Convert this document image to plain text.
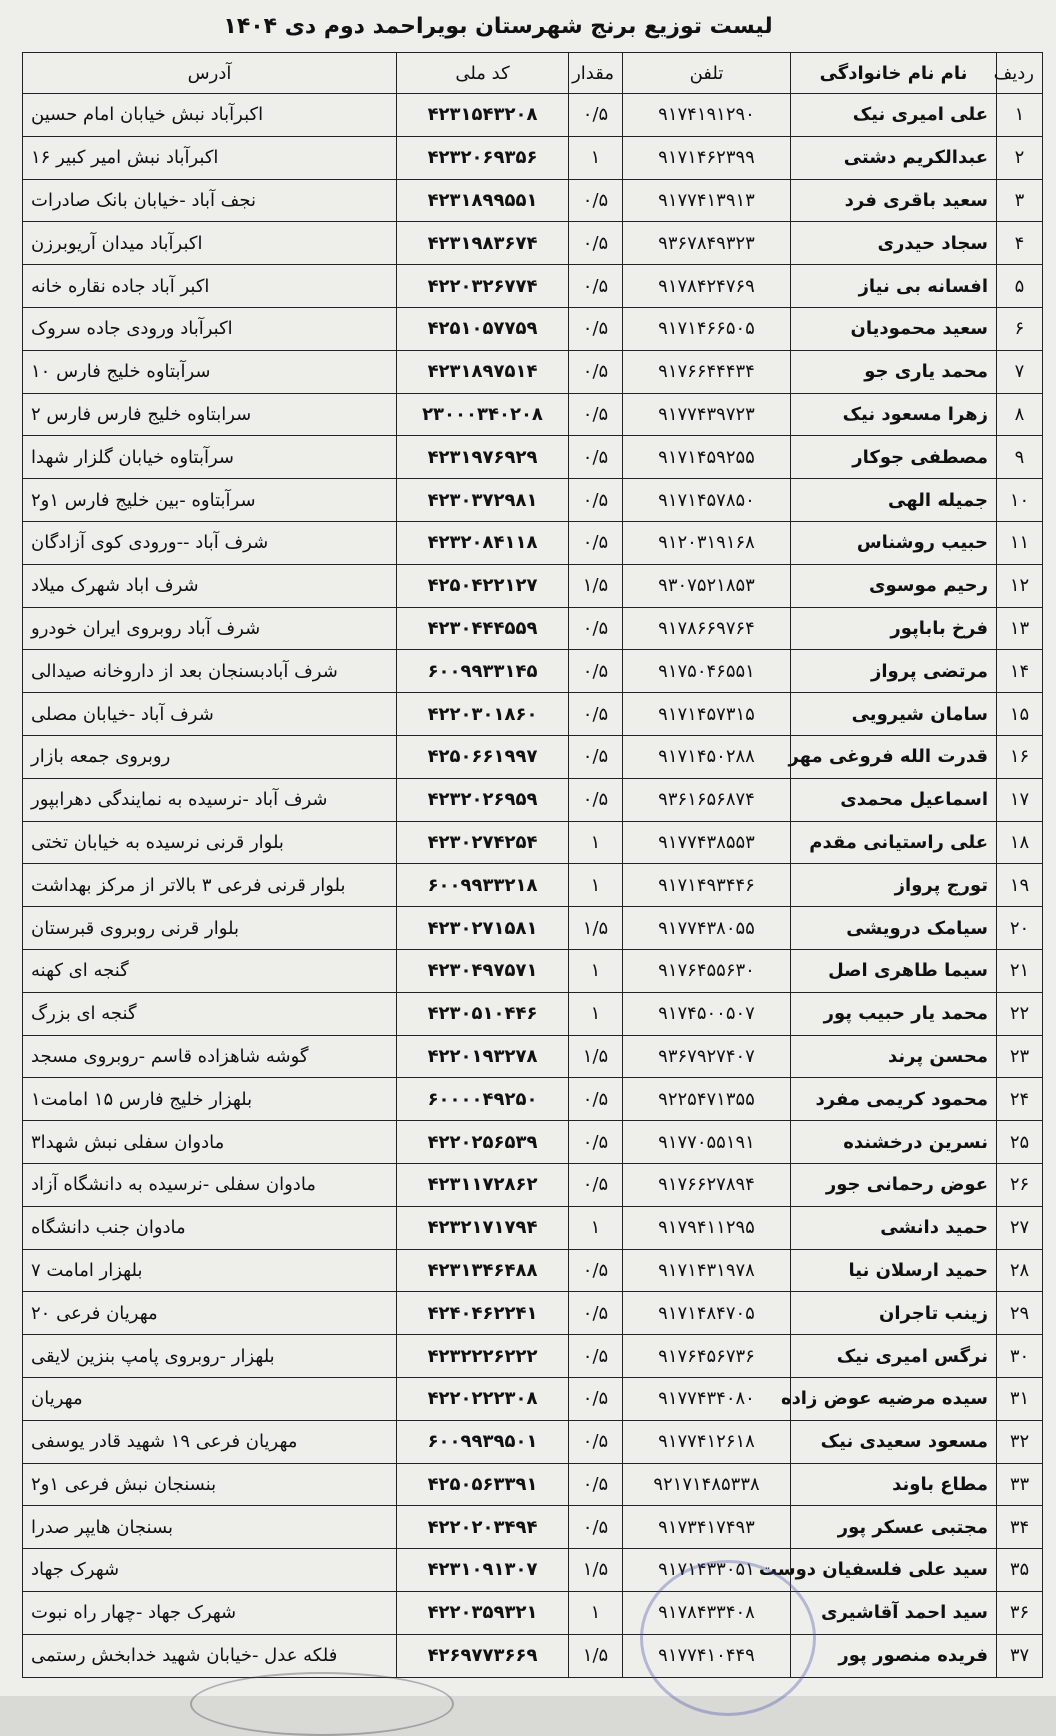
لیست توزیع برنج شهرستان بویراحمد دوم دی ۱۴۰۴
ردیف	نام نام خانوادگی	تلفن	مقدار	کد ملی	آدرس
۱	علی امیری نیک	۹۱۷۴۱۹۱۲۹۰	۰/۵	۴۲۳۱۵۴۳۲۰۸	اکبرآباد نبش خیابان امام حسین
۲	عبدالکریم دشتی	۹۱۷۱۴۶۲۳۹۹	۱	۴۲۳۲۰۶۹۳۵۶	اکبرآباد نبش امیر کبیر ۱۶
۳	سعید باقری فرد	۹۱۷۷۴۱۳۹۱۳	۰/۵	۴۲۳۱۸۹۹۵۵۱	نجف آباد -خیابان بانک صادرات
۴	سجاد حیدری	۹۳۶۷۸۴۹۳۲۳	۰/۵	۴۲۳۱۹۸۳۶۷۴	اکبرآباد میدان آریوبرزن
۵	افسانه بی نیاز	۹۱۷۸۴۲۴۷۶۹	۰/۵	۴۲۲۰۳۲۶۷۷۴	اکبر آباد جاده نقاره خانه
۶	سعید محمودیان	۹۱۷۱۴۶۶۵۰۵	۰/۵	۴۲۵۱۰۵۷۷۵۹	اکبرآباد ورودی جاده سروک
۷	محمد یاری جو	۹۱۷۶۶۴۴۴۳۴	۰/۵	۴۲۳۱۸۹۷۵۱۴	سرآبتاوه خلیج فارس ۱۰
۸	زهرا مسعود نیک	۹۱۷۷۴۳۹۷۲۳	۰/۵	۲۳۰۰۰۳۴۰۲۰۸	سرابتاوه خلیج فارس فارس ۲
۹	مصطفی جوکار	۹۱۷۱۴۵۹۲۵۵	۰/۵	۴۲۳۱۹۷۶۹۲۹	سرآبتاوه خیابان گلزار شهدا
۱۰	جمیله الهی	۹۱۷۱۴۵۷۸۵۰	۰/۵	۴۲۳۰۳۷۲۹۸۱	سرآبتاوه -بین خلیج فارس ۱و۲
۱۱	حبیب روشناس	۹۱۲۰۳۱۹۱۶۸	۰/۵	۴۲۳۲۰۸۴۱۱۸	شرف آباد --ورودی کوی آزادگان
۱۲	رحیم موسوی	۹۳۰۷۵۲۱۸۵۳	۱/۵	۴۲۵۰۴۲۲۱۲۷	شرف اباد شهرک میلاد
۱۳	فرخ باباپور	۹۱۷۸۶۶۹۷۶۴	۰/۵	۴۲۳۰۴۴۴۵۵۹	شرف آباد روبروی ایران خودرو
۱۴	مرتضی پرواز	۹۱۷۵۰۴۶۵۵۱	۰/۵	۶۰۰۹۹۳۳۱۴۵	شرف آبادبسنجان بعد از داروخانه صیدالی
۱۵	سامان شیرویی	۹۱۷۱۴۵۷۳۱۵	۰/۵	۴۲۲۰۳۰۱۸۶۰	شرف آباد -خیابان مصلی
۱۶	قدرت الله فروغی مهر	۹۱۷۱۴۵۰۲۸۸	۰/۵	۴۲۵۰۶۶۱۹۹۷	روبروی جمعه بازار
۱۷	اسماعیل محمدی	۹۳۶۱۶۵۶۸۷۴	۰/۵	۴۲۳۲۰۲۶۹۵۹	شرف آباد -نرسیده به نمایندگی دهرابپور
۱۸	علی راستیانی مقدم	۹۱۷۷۴۳۸۵۵۳	۱	۴۲۳۰۲۷۴۲۵۴	بلوار قرنی نرسیده به خیابان تختی
۱۹	تورج پرواز	۹۱۷۱۴۹۳۴۴۶	۱	۶۰۰۹۹۳۳۲۱۸	بلوار قرنی فرعی ۳ بالاتر از مرکز بهداشت
۲۰	سیامک درویشی	۹۱۷۷۴۳۸۰۵۵	۱/۵	۴۲۳۰۲۷۱۵۸۱	بلوار قرنی روبروی قبرستان
۲۱	سیما طاهری اصل	۹۱۷۶۴۵۵۶۳۰	۱	۴۲۳۰۴۹۷۵۷۱	گنجه ای کهنه
۲۲	محمد یار حبیب پور	۹۱۷۴۵۰۰۵۰۷	۱	۴۲۳۰۵۱۰۴۴۶	گنجه ای بزرگ
۲۳	محسن پرند	۹۳۶۷۹۲۷۴۰۷	۱/۵	۴۲۲۰۱۹۳۲۷۸	گوشه شاهزاده قاسم -روبروی مسجد
۲۴	محمود کریمی مفرد	۹۲۲۵۴۷۱۳۵۵	۰/۵	۶۰۰۰۰۴۹۲۵۰	بلهزار خلیج فارس ۱۵ امامت۱
۲۵	نسرین درخشنده	۹۱۷۷۰۵۵۱۹۱	۰/۵	۴۲۲۰۲۵۶۵۳۹	مادوان سفلی نبش شهدا۳
۲۶	عوض رحمانی جور	۹۱۷۶۶۲۷۸۹۴	۰/۵	۴۲۳۱۱۷۲۸۶۲	مادوان سفلی -نرسیده به دانشگاه آزاد
۲۷	حمید دانشی	۹۱۷۹۴۱۱۲۹۵	۱	۴۲۳۲۱۷۱۷۹۴	مادوان جنب دانشگاه
۲۸	حمید ارسلان نیا	۹۱۷۱۴۳۱۹۷۸	۰/۵	۴۲۳۱۳۴۶۴۸۸	بلهزار امامت ۷
۲۹	زینب تاجران	۹۱۷۱۴۸۴۷۰۵	۰/۵	۴۲۴۰۴۶۲۲۴۱	مهریان فرعی ۲۰
۳۰	نرگس امیری نیک	۹۱۷۶۴۵۶۷۳۶	۰/۵	۴۲۳۲۲۲۶۲۲۲	بلهزار -روبروی پامپ بنزین لایقی
۳۱	سیده مرضیه عوض زاده	۹۱۷۷۴۳۴۰۸۰	۰/۵	۴۲۲۰۲۲۲۳۰۸	مهریان
۳۲	مسعود سعیدی نیک	۹۱۷۷۴۱۲۶۱۸	۰/۵	۶۰۰۹۹۳۹۵۰۱	مهریان فرعی ۱۹ شهید قادر یوسفی
۳۳	مطاع باوند	۹۲۱۷۱۴۸۵۳۳۸	۰/۵	۴۲۵۰۵۶۳۳۹۱	بنسنجان نبش فرعی ۱و۲
۳۴	مجتبی عسکر پور	۹۱۷۳۴۱۷۴۹۳	۰/۵	۴۲۲۰۲۰۳۴۹۴	بسنجان هایپر صدرا
۳۵	سید علی فلسفیان دوست	۹۱۷۱۴۳۳۰۵۱	۱/۵	۴۲۳۱۰۹۱۳۰۷	شهرک جهاد
۳۶	سید احمد آقاشیری	۹۱۷۸۴۳۳۴۰۸	۱	۴۲۲۰۳۵۹۳۲۱	شهرک جهاد -چهار راه نبوت
۳۷	فریده منصور پور	۹۱۷۷۴۱۰۴۴۹	۱/۵	۴۲۶۹۷۷۳۶۶۹	فلکه عدل -خیابان شهید خدابخش رستمی
